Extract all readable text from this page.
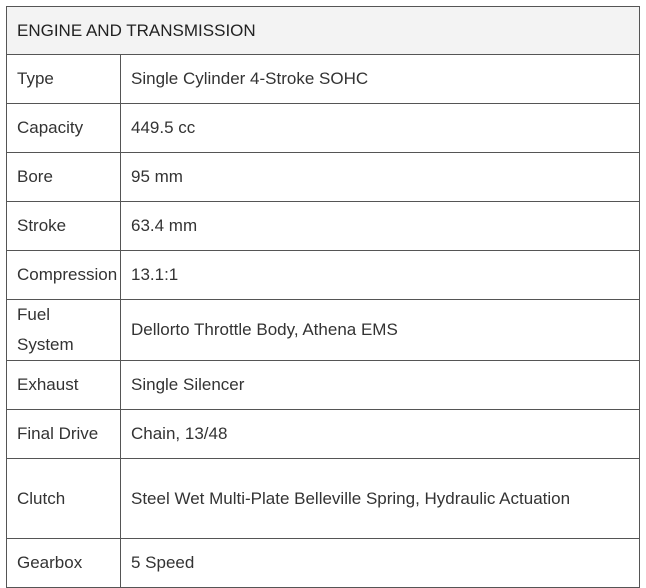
ENGINE AND TRANSMISSION	
Type	Single Cylinder 4-Stroke SOHC
Capacity	449.5 cc
Bore	95 mm
Stroke	63.4 mm
Compression	13.1:1
Fuel System	Dellorto Throttle Body, Athena EMS
Exhaust	Single Silencer
Final Drive	Chain, 13/48
Clutch	Steel Wet Multi-Plate Belleville Spring, Hydraulic Actuation
Gearbox	5 Speed
